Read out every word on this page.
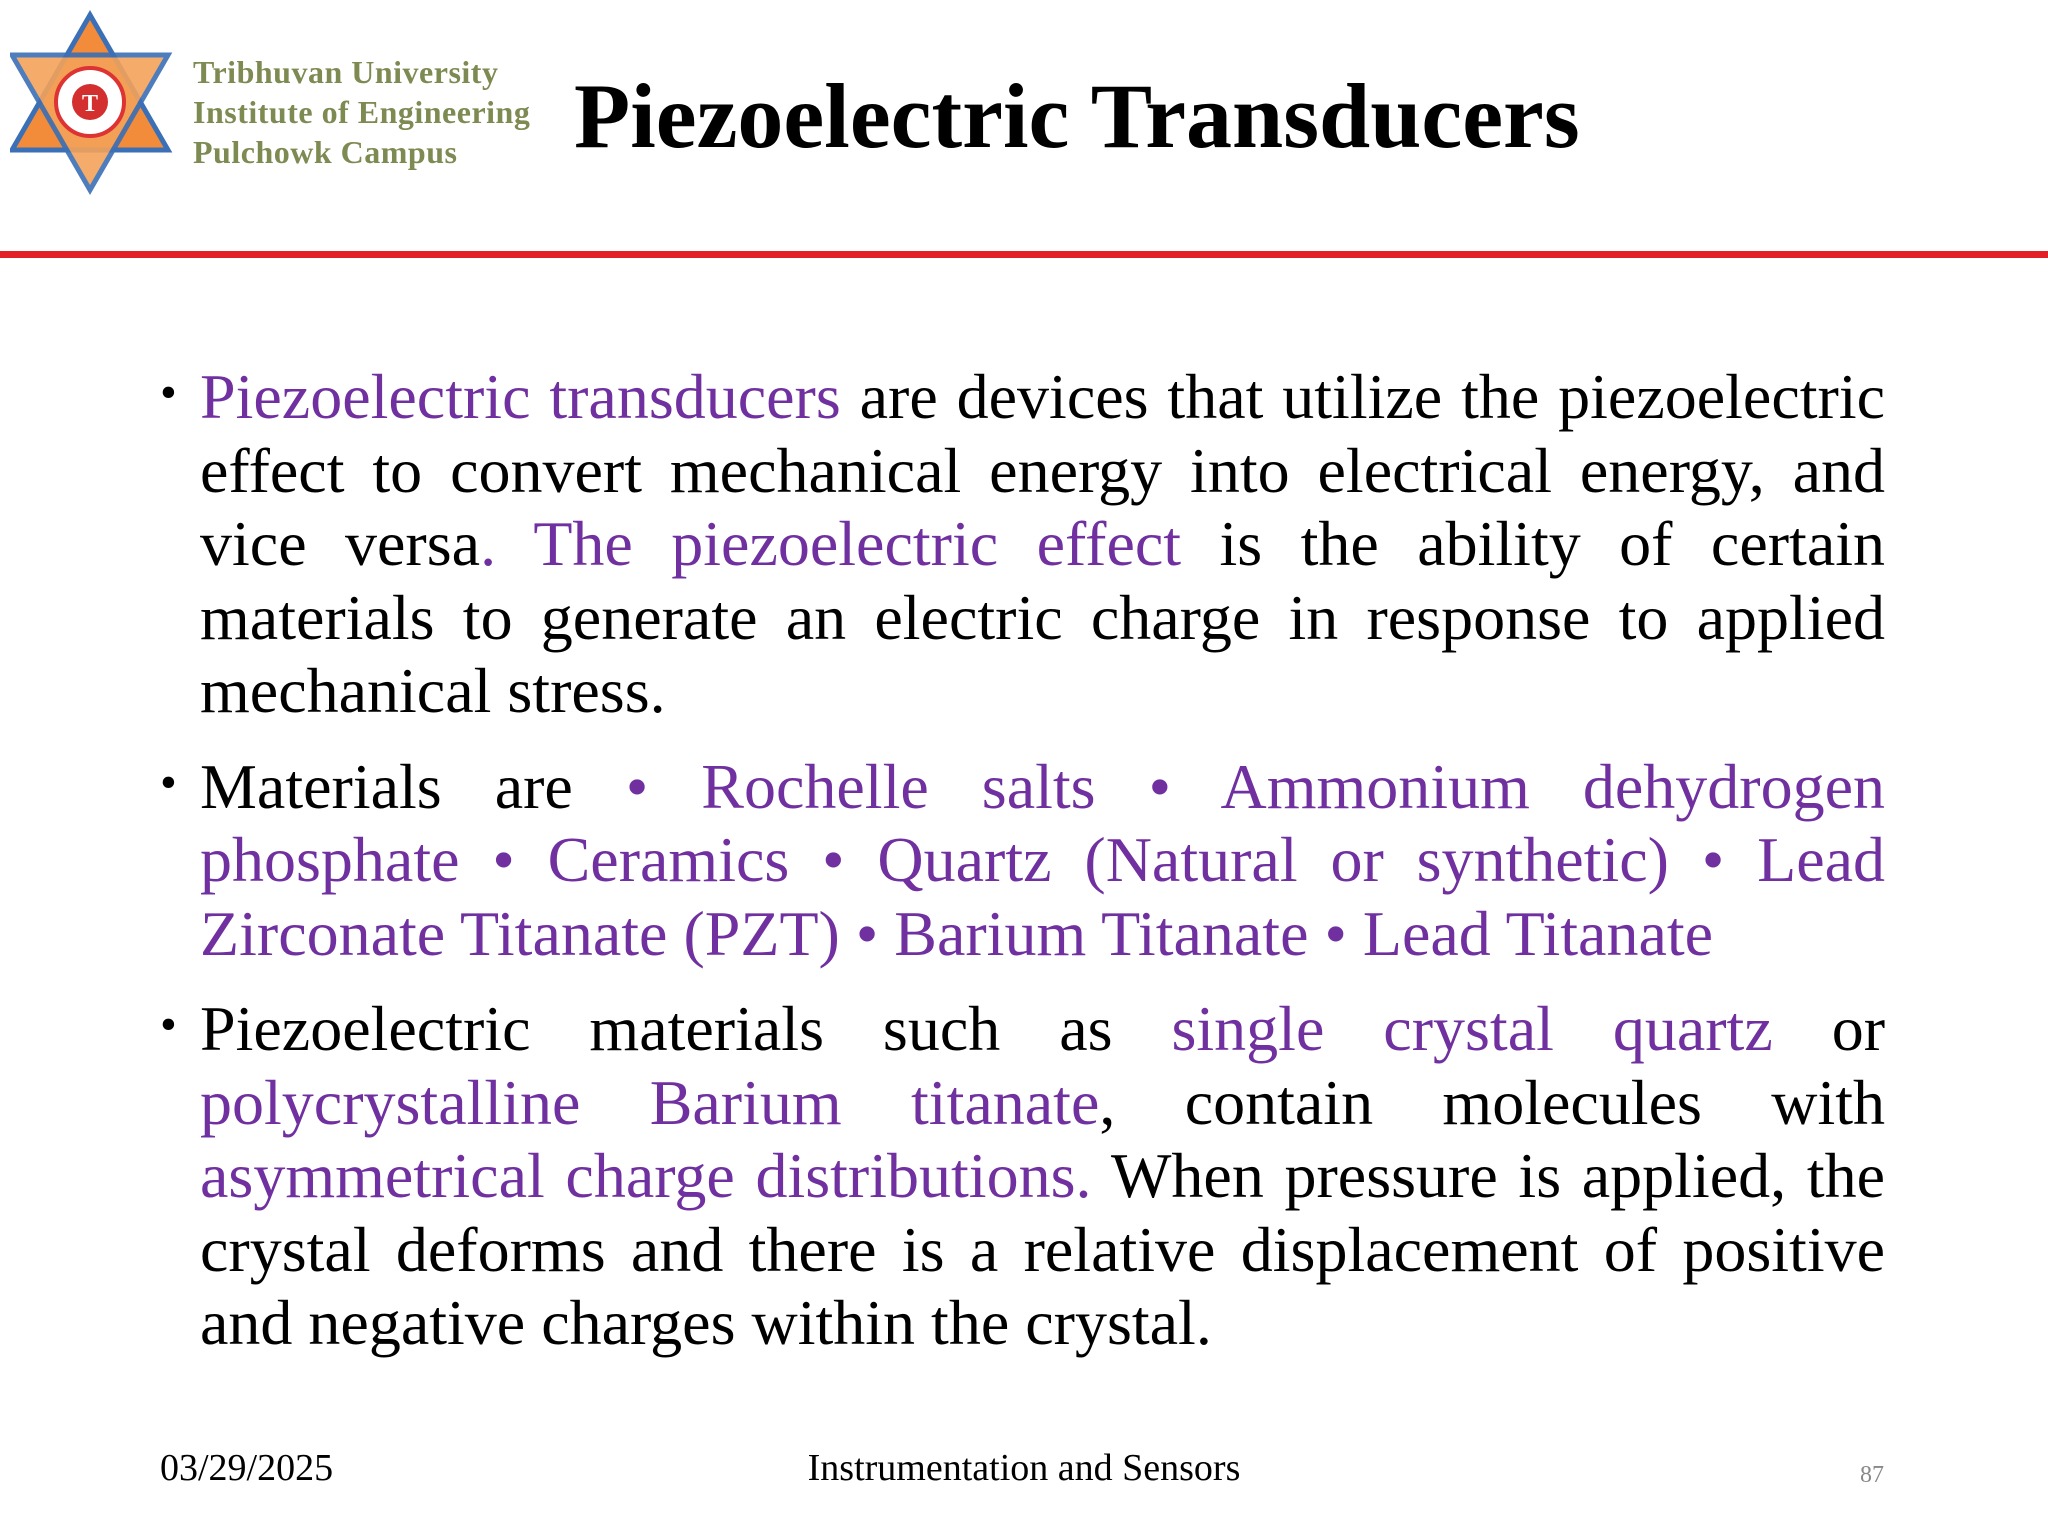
T
Tribhuvan University
Institute of Engineering
Pulchowk Campus	Piezoelectric Transducers
• Piezoelectric transducers are devices that utilize the piezoelectric effect to convert mechanical energy into electrical energy, and vice versa. The piezoelectric effect is the ability of certain materials to generate an electric charge in response to applied mechanical stress.
• Materials are • Rochelle salts • Ammonium dehydrogen phosphate • Ceramics • Quartz (Natural or synthetic) • Lead Zirconate Titanate (PZT) • Barium Titanate • Lead Titanate
• Piezoelectric materials such as single crystal quartz or polycrystalline Barium titanate, contain molecules with asymmetrical charge distributions. When pressure is applied, the crystal deforms and there is a relative displacement of positive and negative charges within the crystal.
03/29/2025	Instrumentation and Sensors	87
